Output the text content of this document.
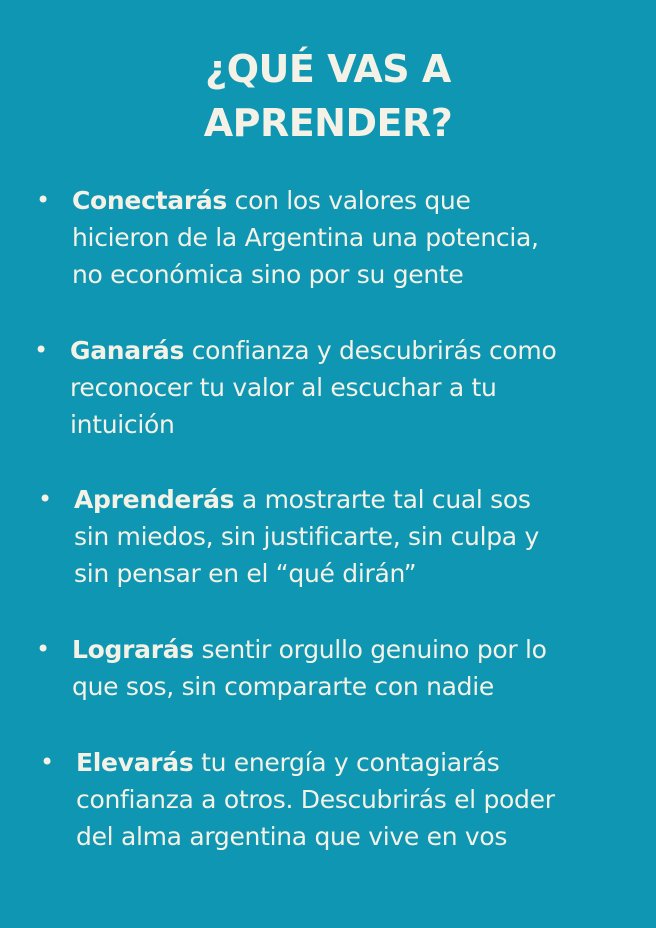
¿QUÉ VAS A
APRENDER?
• Conectarás con los valores que
hicieron de la Argentina una potencia,
no económica sino por su gente
• Ganarás confianza y descubrirás como
reconocer tu valor al escuchar a tu
intuición
• Aprenderás a mostrarte tal cual sos
sin miedos, sin justificarte, sin culpa y
sin pensar en el “qué dirán”
• Lograrás sentir orgullo genuino por lo
que sos, sin compararte con nadie
• Elevarás tu energía y contagiarás
confianza a otros. Descubrirás el poder
del alma argentina que vive en vos
